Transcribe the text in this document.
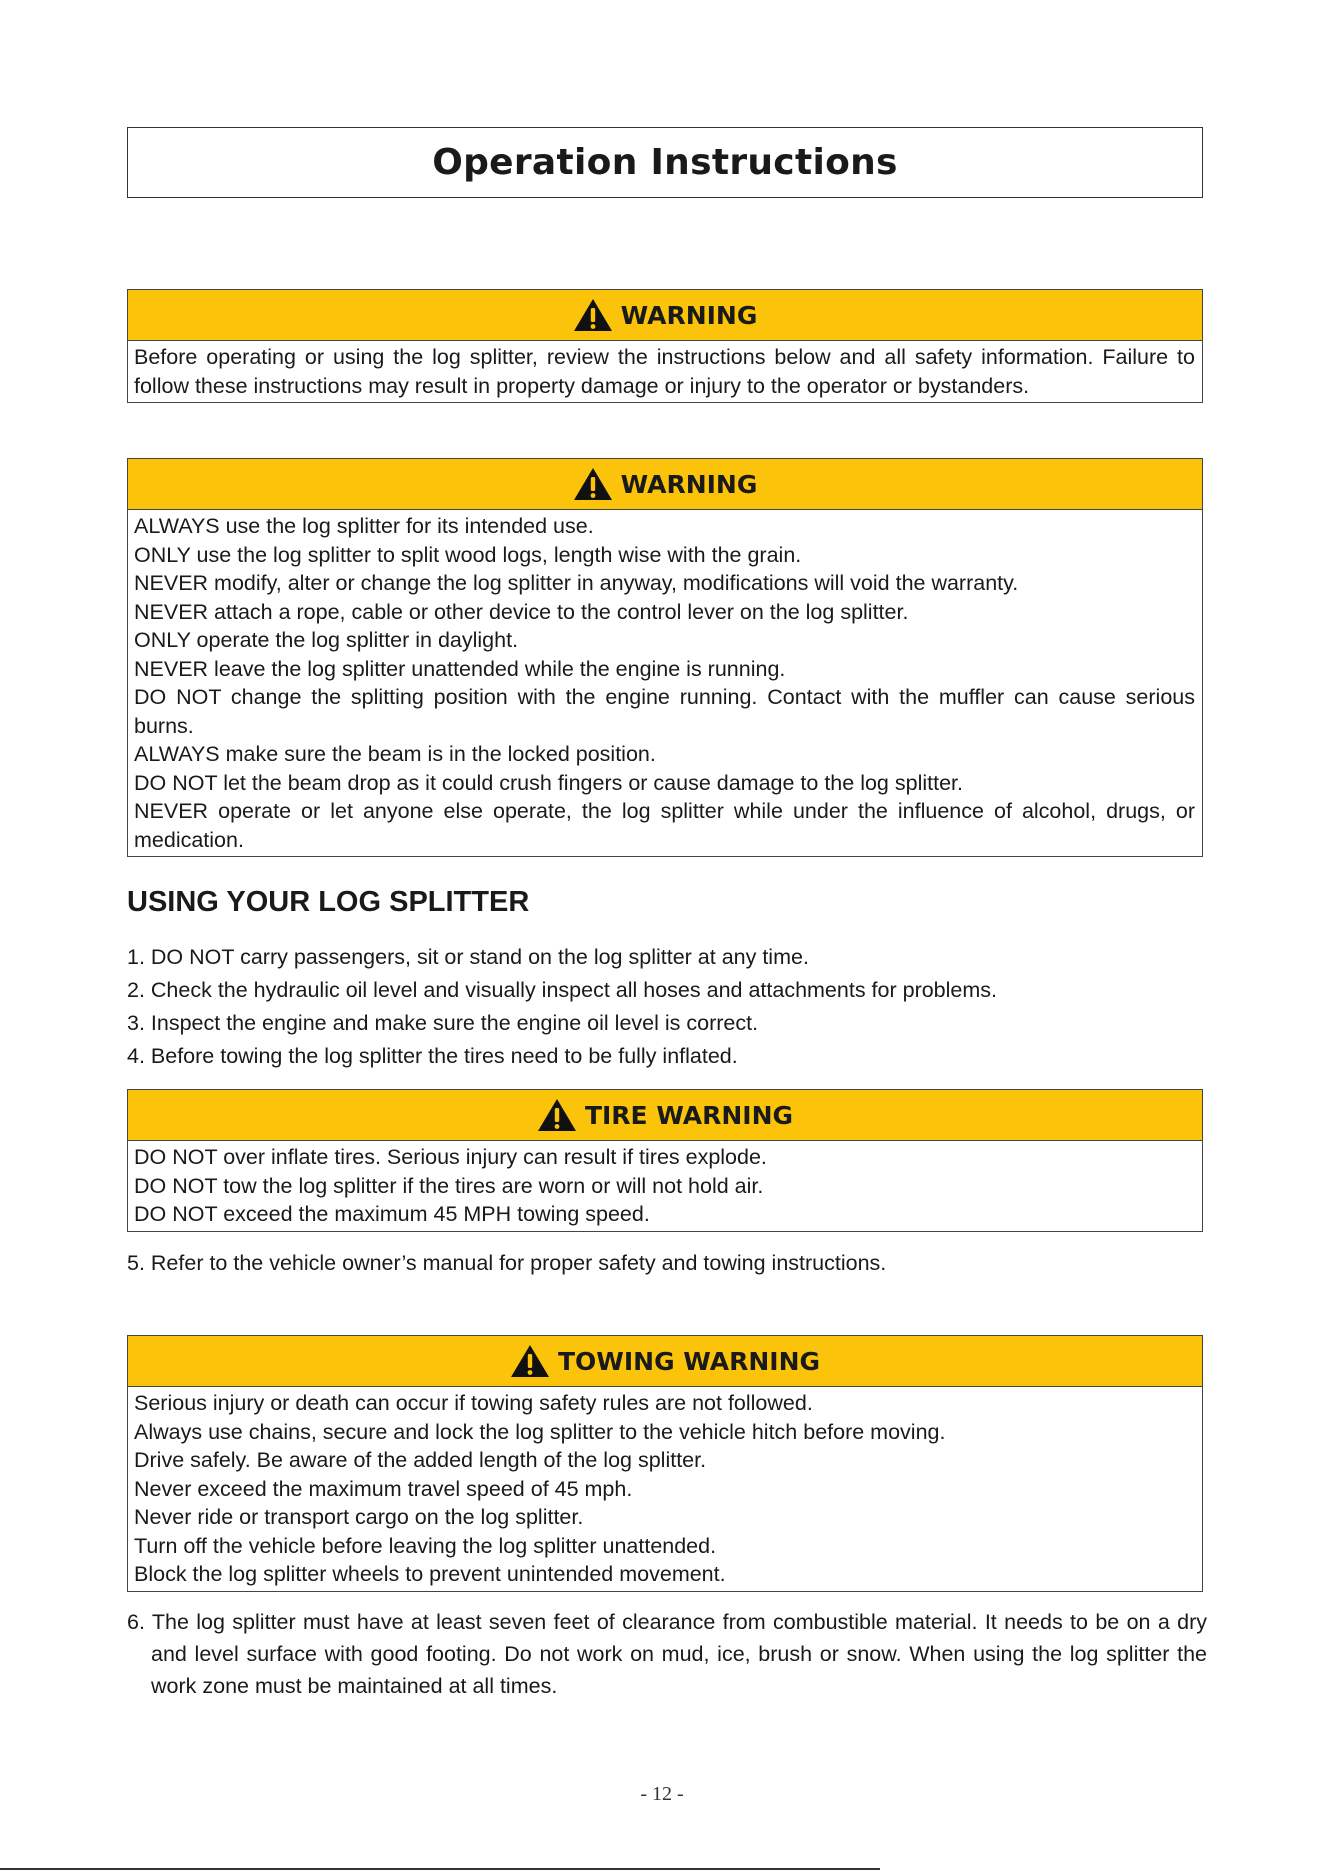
Operation Instructions
WARNING
Before operating or using the log splitter, review the instructions below and all safety information. Failure to follow these instructions may result in property damage or injury to the operator or bystanders.
WARNING
ALWAYS use the log splitter for its intended use.
ONLY use the log splitter to split wood logs, length wise with the grain.
NEVER modify, alter or change the log splitter in anyway, modifications will void the warranty.
NEVER attach a rope, cable or other device to the control lever on the log splitter.
ONLY operate the log splitter in daylight.
NEVER leave the log splitter unattended while the engine is running.
DO NOT change the splitting position with the engine running. Contact with the muffler can cause serious burns.
ALWAYS make sure the beam is in the locked position.
DO NOT let the beam drop as it could crush fingers or cause damage to the log splitter.
NEVER operate or let anyone else operate, the log splitter while under the influence of alcohol, drugs, or medication.
USING YOUR LOG SPLITTER
1. DO NOT carry passengers, sit or stand on the log splitter at any time.
2. Check the hydraulic oil level and visually inspect all hoses and attachments for problems.
3. Inspect the engine and make sure the engine oil level is correct.
4. Before towing the log splitter the tires need to be fully inflated.
TIRE WARNING
DO NOT over inflate tires. Serious injury can result if tires explode.
DO NOT tow the log splitter if the tires are worn or will not hold air.
DO NOT exceed the maximum 45 MPH towing speed.
5. Refer to the vehicle owner’s manual for proper safety and towing instructions.
TOWING WARNING
Serious injury or death can occur if towing safety rules are not followed.
Always use chains, secure and lock the log splitter to the vehicle hitch before moving.
Drive safely. Be aware of the added length of the log splitter.
Never exceed the maximum travel speed of 45 mph.
Never ride or transport cargo on the log splitter.
Turn off the vehicle before leaving the log splitter unattended.
Block the log splitter wheels to prevent unintended movement.
6. The log splitter must have at least seven feet of clearance from combustible material. It needs to be on a dry and level surface with good footing. Do not work on mud, ice, brush or snow. When using the log splitter the work zone must be maintained at all times.
- 12 -
